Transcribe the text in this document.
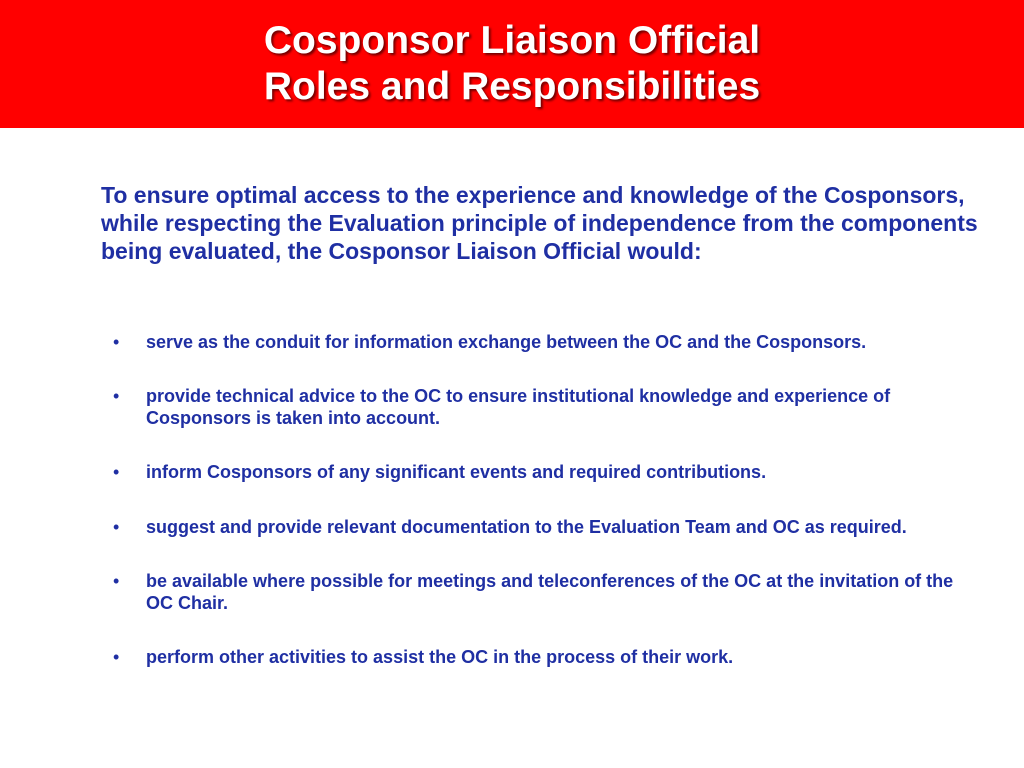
Cosponsor Liaison Official
Roles and Responsibilities
To ensure optimal access to the experience and knowledge of the Cosponsors, while respecting the Evaluation principle of independence from the components being evaluated, the Cosponsor Liaison Official would:
• serve as the conduit for information exchange between the OC and the Cosponsors.
• provide technical advice to the OC to ensure institutional knowledge and experience of Cosponsors is taken into account.
• inform Cosponsors of any significant events and required contributions.
• suggest and provide relevant documentation to the Evaluation Team and OC as required.
• be available where possible for meetings and teleconferences of the OC at the invitation of the OC Chair.
• perform other activities to assist the OC in the process of their work.
